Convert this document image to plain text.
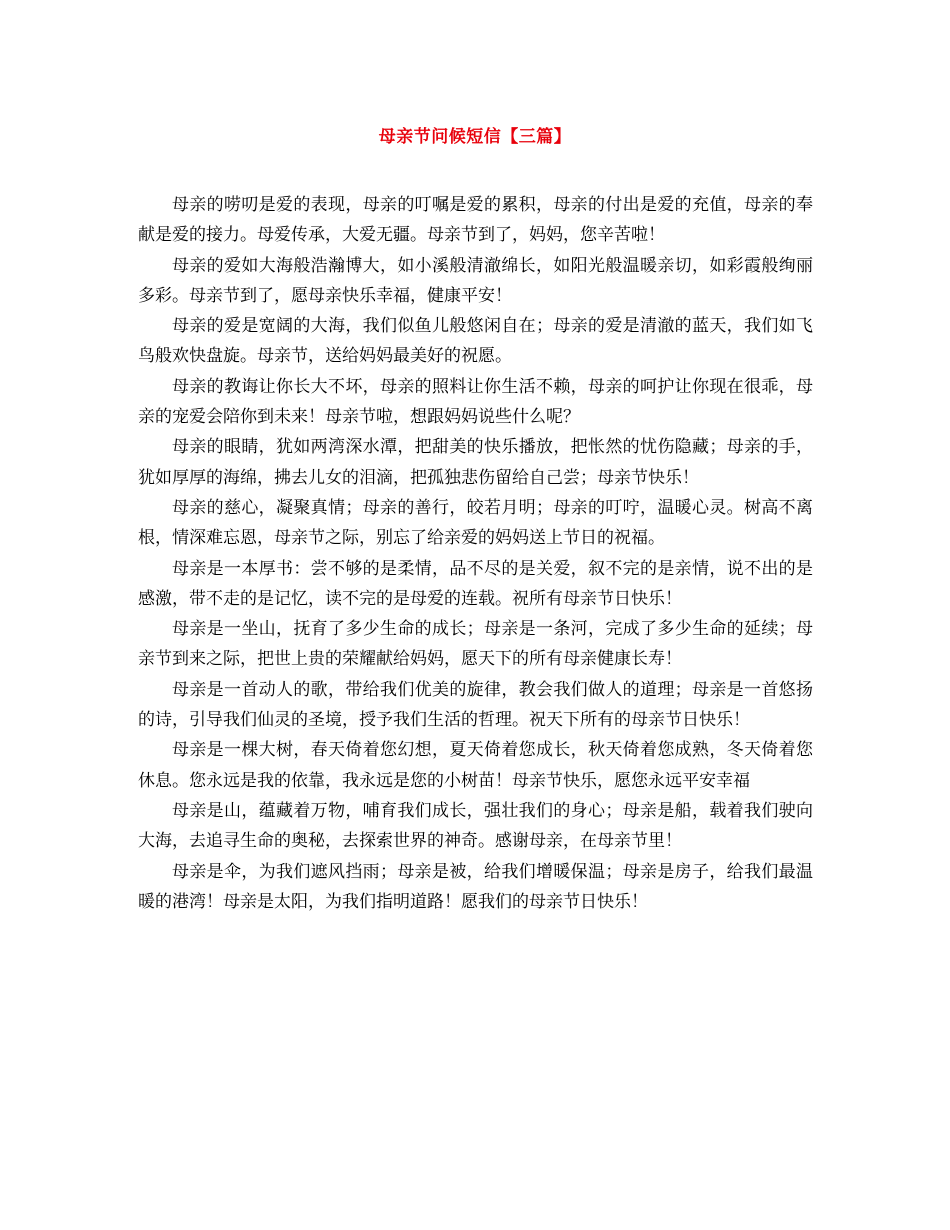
母亲节问候短信【三篇】

母亲的唠叨是爱的表现，母亲的叮嘱是爱的累积，母亲的付出是爱的充值，母亲的奉献是爱的接力。母爱传承，大爱无疆。母亲节到了，妈妈，您辛苦啦！

母亲的爱如大海般浩瀚博大，如小溪般清澈绵长，如阳光般温暖亲切，如彩霞般绚丽多彩。母亲节到了，愿母亲快乐幸福，健康平安！

母亲的爱是宽阔的大海，我们似鱼儿般悠闲自在；母亲的爱是清澈的蓝天，我们如飞鸟般欢快盘旋。母亲节，送给妈妈最美好的祝愿。

母亲的教诲让你长大不坏，母亲的照料让你生活不赖，母亲的呵护让你现在很乖，母亲的宠爱会陪你到未来！母亲节啦，想跟妈妈说些什么呢？

母亲的眼睛，犹如两湾深水潭，把甜美的快乐播放，把怅然的忧伤隐藏；母亲的手，犹如厚厚的海绵，拂去儿女的泪滴，把孤独悲伤留给自己尝；母亲节快乐！

母亲的慈心，凝聚真情；母亲的善行，皎若月明；母亲的叮咛，温暖心灵。树高不离根，情深难忘恩，母亲节之际，别忘了给亲爱的妈妈送上节日的祝福。

母亲是一本厚书：尝不够的是柔情，品不尽的是关爱，叙不完的是亲情，说不出的是感激，带不走的是记忆，读不完的是母爱的连载。祝所有母亲节日快乐！

母亲是一坐山，抚育了多少生命的成长；母亲是一条河，完成了多少生命的延续；母亲节到来之际，把世上贵的荣耀献给妈妈，愿天下的所有母亲健康长寿！

母亲是一首动人的歌，带给我们优美的旋律，教会我们做人的道理；母亲是一首悠扬的诗，引导我们仙灵的圣境，授予我们生活的哲理。祝天下所有的母亲节日快乐！

母亲是一棵大树，春天倚着您幻想，夏天倚着您成长，秋天倚着您成熟，冬天倚着您休息。您永远是我的依靠，我永远是您的小树苗！母亲节快乐，愿您永远平安幸福

母亲是山，蕴藏着万物，哺育我们成长，强壮我们的身心；母亲是船，载着我们驶向大海，去追寻生命的奥秘，去探索世界的神奇。感谢母亲，在母亲节里！

母亲是伞，为我们遮风挡雨；母亲是被，给我们增暖保温；母亲是房子，给我们最温暖的港湾！母亲是太阳，为我们指明道路！愿我们的母亲节日快乐！
